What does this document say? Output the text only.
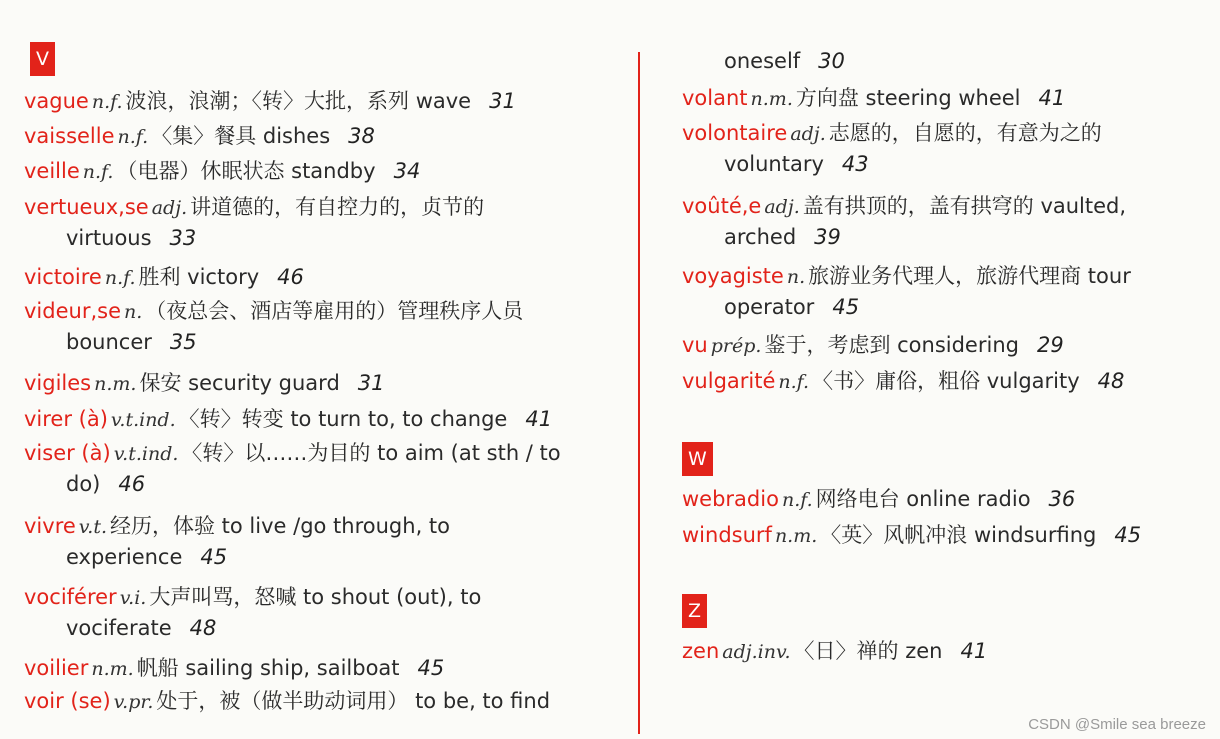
V
vague n.f. 波浪，浪潮；〈转〉大批，系列 wave 31
vaisselle n.f. 〈集〉餐具 dishes 38
veille n.f. （电器）休眠状态 standby 34
vertueux,se adj. 讲道德的，有自控力的，贞节的
virtuous 33
victoire n.f. 胜利 victory 46
videur,se n. （夜总会、酒店等雇用的）管理秩序人员
bouncer 35
vigiles n.m. 保安 security guard 31
virer (à) v.t.ind. 〈转〉转变 to turn to, to change 41
viser (à) v.t.ind. 〈转〉以……为目的 to aim (at sth / to
do) 46
vivre v.t. 经历，体验 to live /go through, to
experience 45
vociférer v.i. 大声叫骂，怒喊 to shout (out), to
vociferate 48
voilier n.m. 帆船 sailing ship, sailboat 45
voir (se) v.pr. 处于，被（做半助动词用） to be, to find
oneself 30
volant n.m. 方向盘 steering wheel 41
volontaire adj. 志愿的，自愿的，有意为之的
voluntary 43
voûté,e adj. 盖有拱顶的，盖有拱穹的 vaulted,
arched 39
voyagiste n. 旅游业务代理人，旅游代理商 tour
operator 45
vu prép. 鉴于，考虑到 considering 29
vulgarité n.f. 〈书〉庸俗，粗俗 vulgarity 48
W
webradio n.f. 网络电台 online radio 36
windsurf n.m. 〈英〉风帆冲浪 windsurfing 45
Z
zen adj.inv. 〈日〉禅的 zen 41
CSDN @Smile sea breeze
